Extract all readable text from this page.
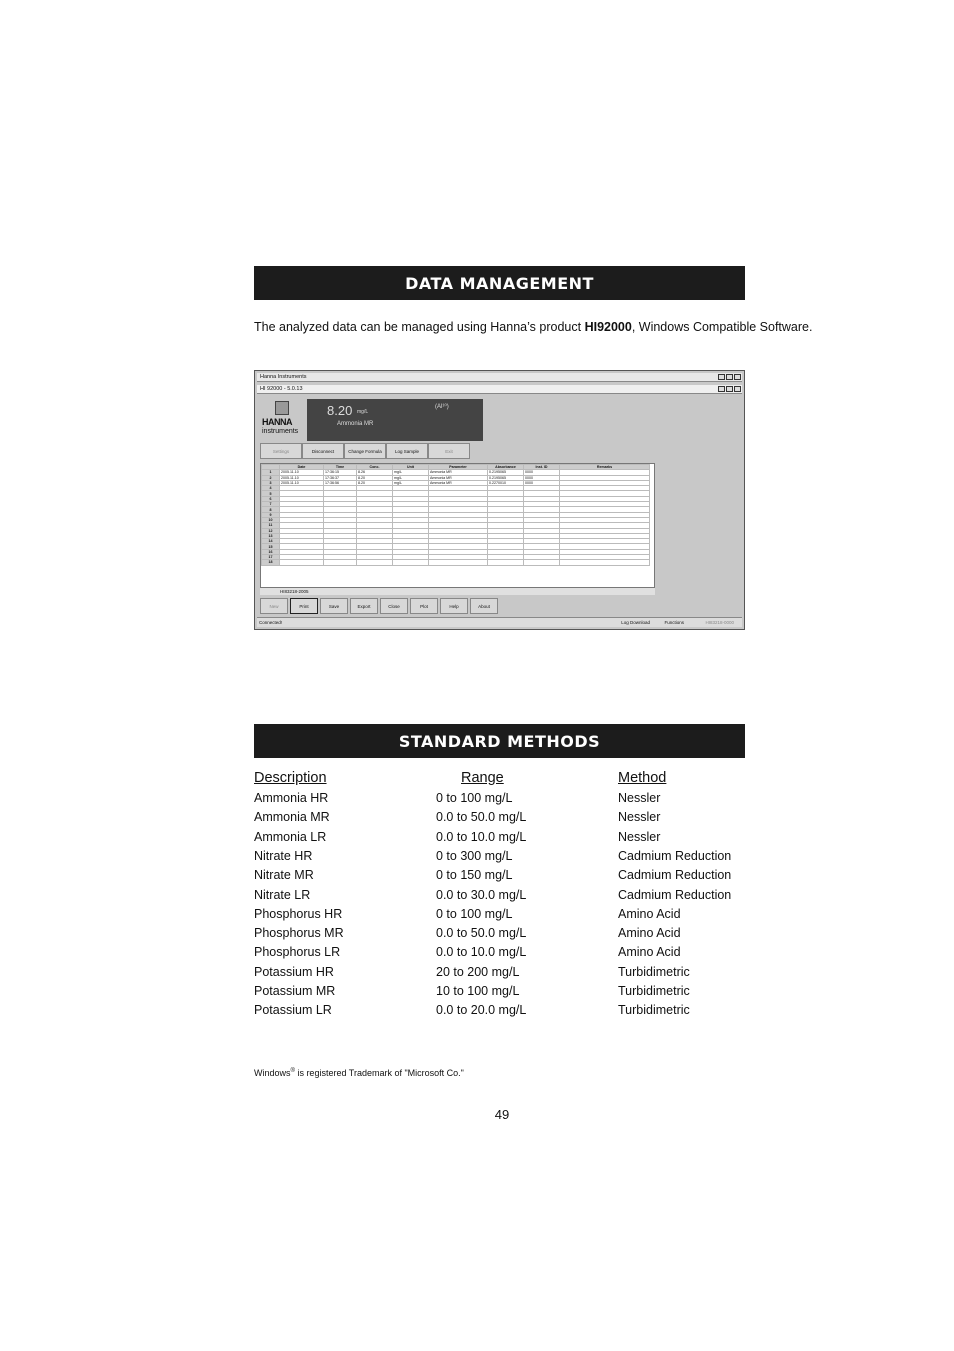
DATA MANAGEMENT
The analyzed data can be managed using Hanna’s product HI92000, Windows Compatible Software.
Hanna Instruments
HI 92000 - 5.0.13
HANNA
instruments
8.20 mg/L
Ammonia MR
(Al¹⁰)
Settings	Disconnect	Change Formula	Log Sample	Exit
	Date	Time	Conc.	Unit	Parameter	Absorbance	Inst. ID	Remarks
1	2005.11.10	17:36:15	8.26	mg/L	Ammonia MR	0.2195065	0000	
2	2005.11.10	17:36:37	8.20	mg/L	Ammonia MR	0.2195065	0000	
3	2005.11.10	17:36:56	8.20	mg/L	Ammonia MR	0.2270010	0000	
4								
5								
6								
7								
8								
9								
10								
11								
12								
13								
14								
15								
16								
17								
18								
HI83218-2005
New	Print	Save	Export	Close	Plot	Help	About
Connected!	Log Download	Functions	HI83218-0000
STANDARD METHODS
Description	Range	Method
Ammonia HR	0 to 100 mg/L	Nessler
Ammonia MR	0.0 to 50.0 mg/L	Nessler
Ammonia LR	0.0 to 10.0 mg/L	Nessler
Nitrate HR	0 to 300 mg/L	Cadmium Reduction
Nitrate MR	0 to 150 mg/L	Cadmium Reduction
Nitrate LR	0.0 to 30.0 mg/L	Cadmium Reduction
Phosphorus HR	0 to 100 mg/L	Amino Acid
Phosphorus MR	0.0 to 50.0 mg/L	Amino Acid
Phosphorus LR	0.0 to 10.0 mg/L	Amino Acid
Potassium HR	20 to 200 mg/L	Turbidimetric
Potassium MR	10 to 100 mg/L	Turbidimetric
Potassium LR	0.0 to 20.0 mg/L	Turbidimetric
Windows® is registered Trademark of "Microsoft Co."
49
